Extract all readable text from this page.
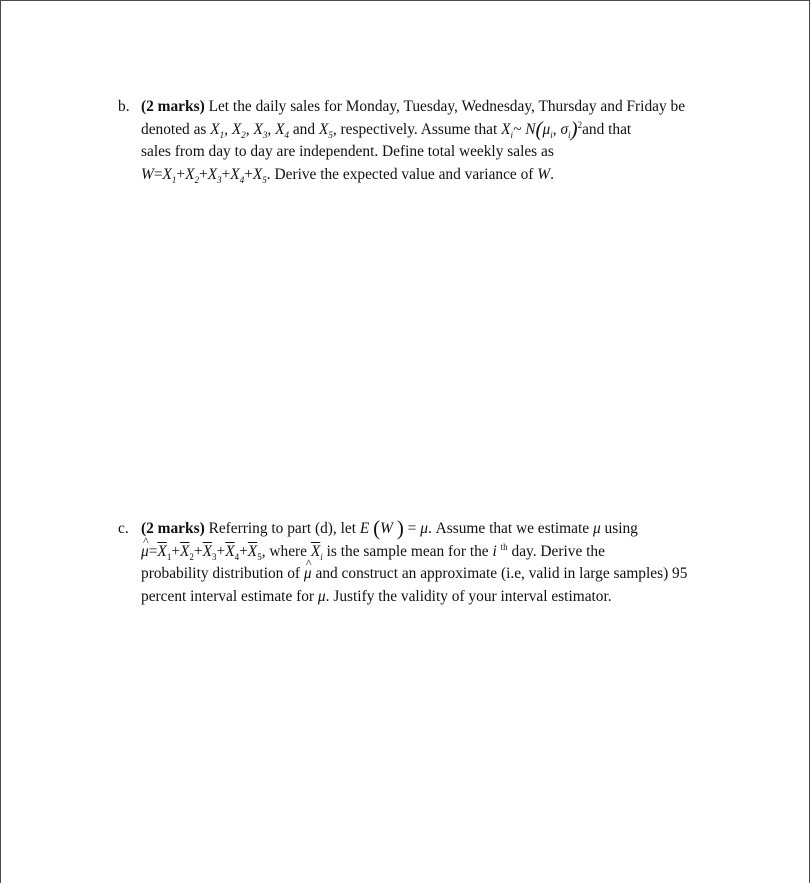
b. (2 marks) Let the daily sales for Monday, Tuesday, Wednesday, Thursday and Friday be
denoted as $X_1$, $X_2$, $X_3$, $X_4$ and $X_5$, respectively. Assume that $X_i\sim$ $N(\mu_i$, $\sigma_i)^2and$ that
sales from day to day are independent. Define total weekly sales as
$W=X_1+X_2+X_3+X_4+X_5$. Derive the expected value and variance of W.
c. (2 marks) Referring to part (d), let E (W ) = μ. Assume that we estimate μ using
μ $\^{}=\overline{X}_1+\overline{X}_2+\overline{X}_3+\overline{X}_4+\overline{X}_5$, where $\overline{X}_i$ is the sample mean for the i $^{th}$ day. Derive the
probability distribution of μ ^ and construct an approximate (i.e, valid in large samples) 95
percent interval estimate for μ. Justify the validity of your interval estimator.
